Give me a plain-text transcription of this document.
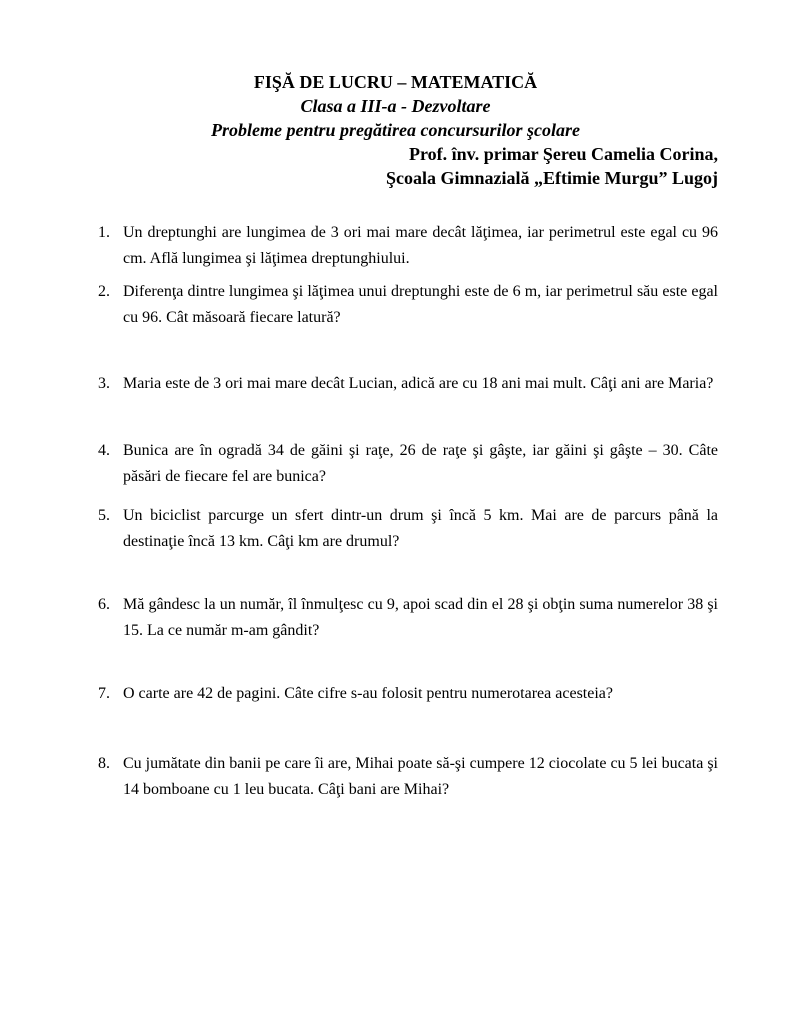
FIŞĂ DE LUCRU – MATEMATICĂ
Clasa a III-a - Dezvoltare
Probleme pentru pregătirea concursurilor şcolare
Prof. înv. primar Şereu Camelia Corina,
Şcoala Gimnazială „Eftimie Murgu” Lugoj
1. Un dreptunghi are lungimea de 3 ori mai mare decât lăţimea, iar perimetrul este egal cu 96 cm. Află lungimea şi lăţimea dreptunghiului.
2. Diferenţa dintre lungimea şi lăţimea unui dreptunghi este de 6 m, iar perimetrul său este egal cu 96. Cât măsoară fiecare latură?
3. Maria este de 3 ori mai mare decât Lucian, adică are cu 18 ani mai mult. Câţi ani are Maria?
4. Bunica are în ogradă 34 de găini şi raţe, 26 de raţe şi gâşte, iar găini şi gâşte – 30. Câte păsări de fiecare fel are bunica?
5. Un biciclist parcurge un sfert dintr-un drum şi încă 5 km. Mai are de parcurs până la destinaţie încă 13 km. Câţi km are drumul?
6. Mă gândesc la un număr, îl înmulţesc cu 9, apoi scad din el 28 şi obţin suma numerelor 38 şi 15. La ce număr m-am gândit?
7. O carte are 42 de pagini. Câte cifre s-au folosit pentru numerotarea acesteia?
8. Cu jumătate din banii pe care îi are, Mihai poate să-şi cumpere 12 ciocolate cu 5 lei bucata şi 14 bomboane cu 1 leu bucata. Câţi bani are Mihai?
